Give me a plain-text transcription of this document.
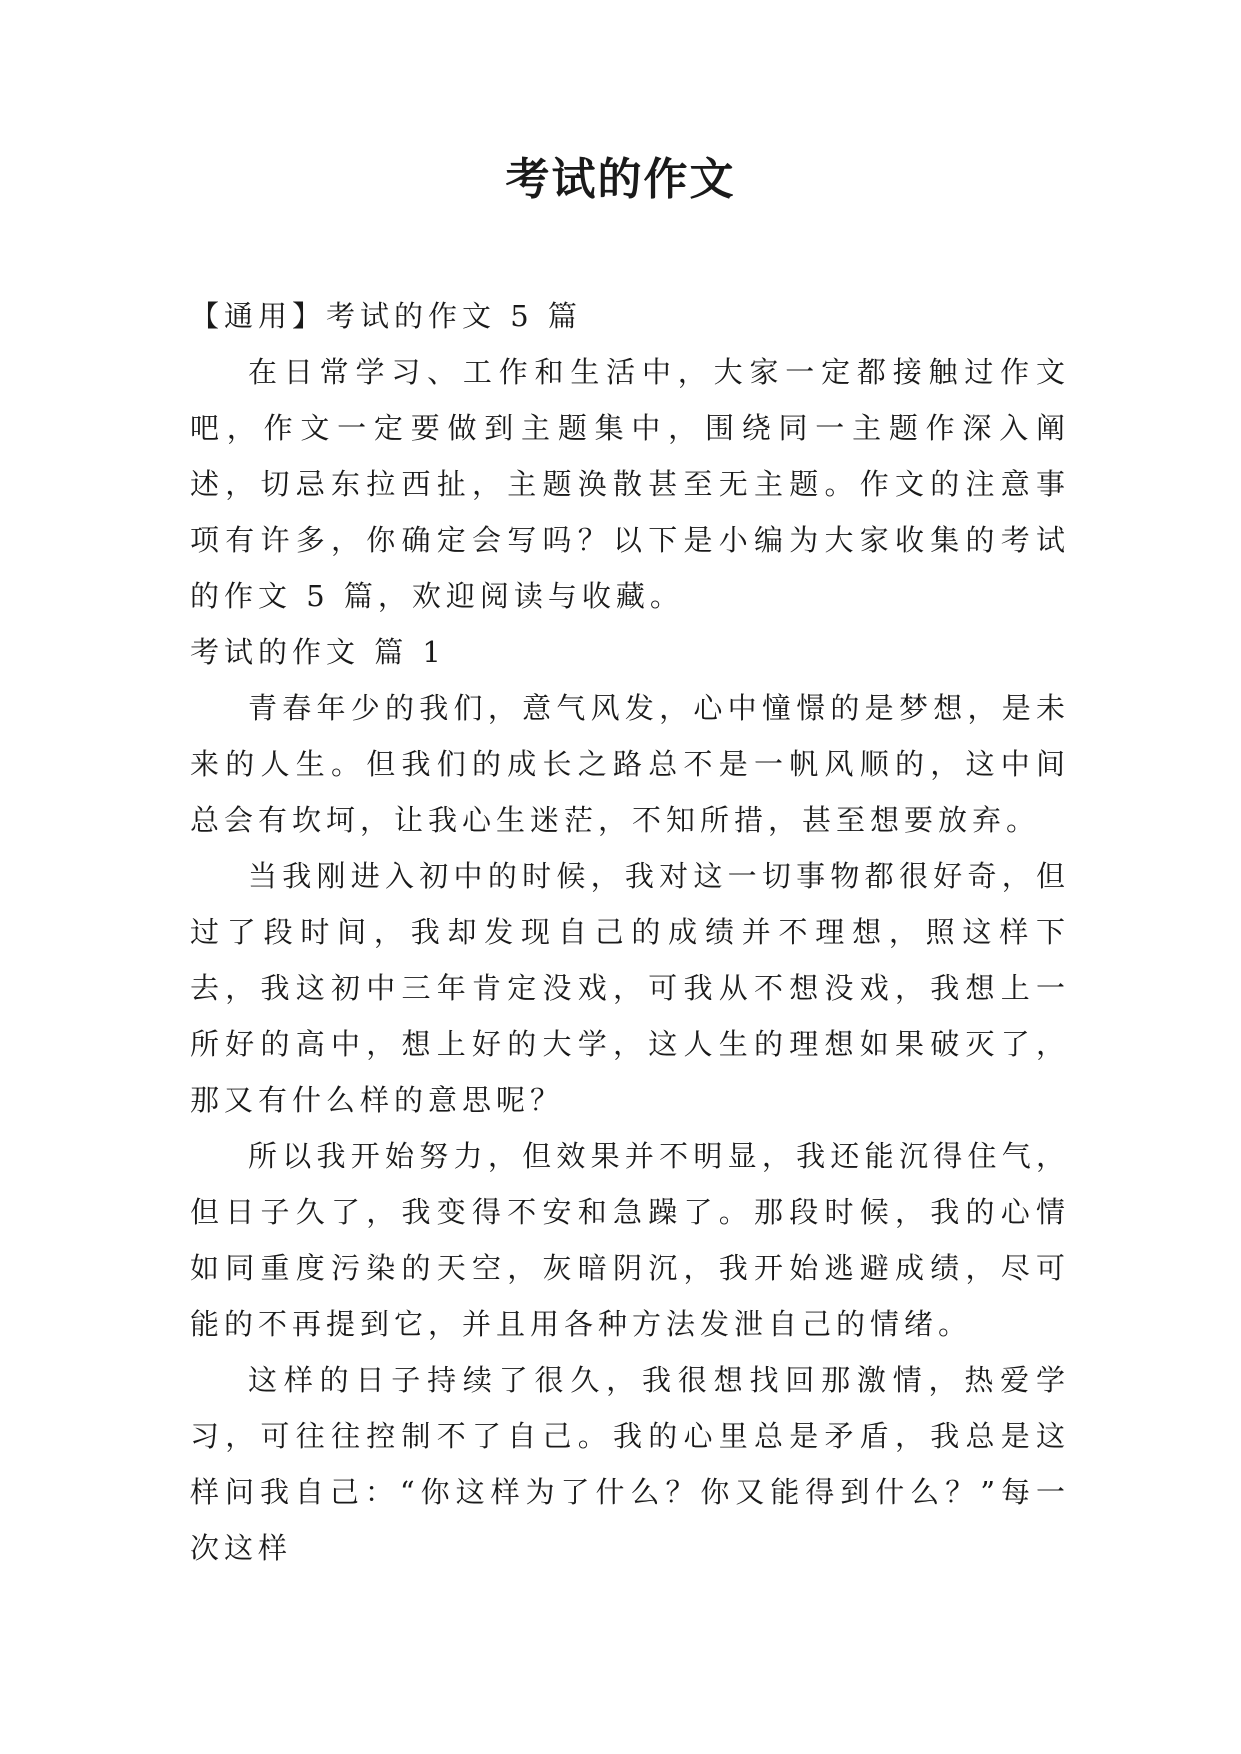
考试的作文

【通用】考试的作文 5 篇

在日常学习、工作和生活中，大家一定都接触过作文吧，作文一定要做到主题集中，围绕同一主题作深入阐述，切忌东拉西扯，主题涣散甚至无主题。作文的注意事项有许多，你确定会写吗？以下是小编为大家收集的考试的作文 5 篇，欢迎阅读与收藏。

考试的作文 篇 1

青春年少的我们，意气风发，心中憧憬的是梦想，是未来的人生。但我们的成长之路总不是一帆风顺的，这中间总会有坎坷，让我心生迷茫，不知所措，甚至想要放弃。

当我刚进入初中的时候，我对这一切事物都很好奇，但过了段时间，我却发现自己的成绩并不理想，照这样下去，我这初中三年肯定没戏，可我从不想没戏，我想上一所好的高中，想上好的大学，这人生的理想如果破灭了，那又有什么样的意思呢？

所以我开始努力，但效果并不明显，我还能沉得住气，但日子久了，我变得不安和急躁了。那段时候，我的心情如同重度污染的天空，灰暗阴沉，我开始逃避成绩，尽可能的不再提到它，并且用各种方法发泄自己的情绪。

这样的日子持续了很久，我很想找回那激情，热爱学习，可往往控制不了自己。我的心里总是矛盾，我总是这样问我自己：“你这样为了什么？你又能得到什么？”每一次这样
